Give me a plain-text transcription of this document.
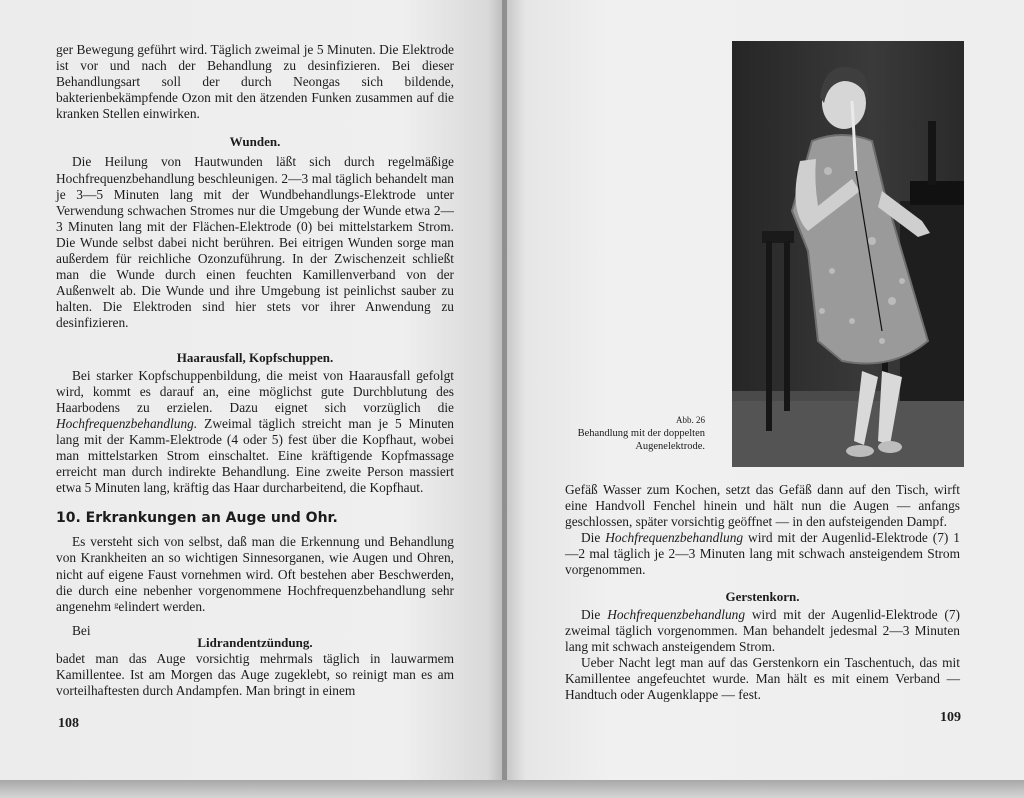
ger Bewegung geführt wird. Täglich zweimal je 5 Minuten. Die Elektrode ist vor und nach der Behandlung zu desinfizieren. Bei dieser Behandlungsart soll der durch Neongas sich bildende, bakterienbekämpfende Ozon mit den ätzenden Funken zusammen auf die kranken Stellen einwirken.

Wunden.

Die Heilung von Hautwunden läßt sich durch regelmäßige Hochfrequenzbehandlung beschleunigen. 2—3 mal täglich behandelt man je 3—5 Minuten lang mit der Wundbehandlungs-Elektrode unter Verwendung schwachen Stromes nur die Umgebung der Wunde etwa 2—3 Minuten lang mit der Flächen-Elektrode (0) bei mittelstarkem Strom. Die Wunde selbst dabei nicht berühren. Bei eitrigen Wunden sorge man außerdem für reichliche Ozonzuführung. In der Zwischenzeit schließt man die Wunde durch einen feuchten Kamillenverband von der Außenwelt ab. Die Wunde und ihre Umgebung ist peinlichst sauber zu halten. Die Elektroden sind hier stets vor ihrer Anwendung zu desinfizieren.

Haarausfall, Kopfschuppen.

Bei starker Kopfschuppenbildung, die meist von Haarausfall gefolgt wird, kommt es darauf an, eine möglichst gute Durchblutung des Haarbodens zu erzielen. Dazu eignet sich vorzüglich die Hochfrequenzbehandlung. Zweimal täglich streicht man je 5 Minuten lang mit der Kamm-Elektrode (4 oder 5) fest über die Kopfhaut, wobei man mittelstarken Strom einschaltet. Eine kräftigende Kopfmassage erreicht man durch indirekte Behandlung. Eine zweite Person massiert etwa 5 Minuten lang, kräftig das Haar durcharbeitend, die Kopfhaut.

10. Erkrankungen an Auge und Ohr.

Es versteht sich von selbst, daß man die Erkennung und Behandlung von Krankheiten an so wichtigen Sinnesorganen, wie Augen und Ohren, nicht auf eigene Faust vornehmen wird. Oft bestehen aber Beschwerden, die durch eine nebenher vorgenommene Hochfrequenzbehandlung sehr angenehm ᵍelindert werden.

Bei
Lidrandentzündung.

badet man das Auge vorsichtig mehrmals täglich in lauwarmem Kamillentee. Ist am Morgen das Auge zugeklebt, so reinigt man es am vorteilhaftesten durch Andampfen. Man bringt in einem

108
Abb. 26
Behandlung mit der doppelten Augenelektrode.

Gefäß Wasser zum Kochen, setzt das Gefäß dann auf den Tisch, wirft eine Handvoll Fenchel hinein und hält nun die Augen — anfangs geschlossen, später vorsichtig geöffnet — in den aufsteigenden Dampf.

Die Hochfrequenzbehandlung wird mit der Augenlid-Elektrode (7) 1—2 mal täglich je 2—3 Minuten lang mit schwach ansteigendem Strom vorgenommen.

Gerstenkorn.

Die Hochfrequenzbehandlung wird mit der Augenlid-Elektrode (7) zweimal täglich vorgenommen. Man behandelt jedesmal 2—3 Minuten lang mit schwach ansteigendem Strom.

Ueber Nacht legt man auf das Gerstenkorn ein Taschentuch, das mit Kamillentee angefeuchtet wurde. Man hält es mit einem Verband — Handtuch oder Augenklappe — fest.

109
